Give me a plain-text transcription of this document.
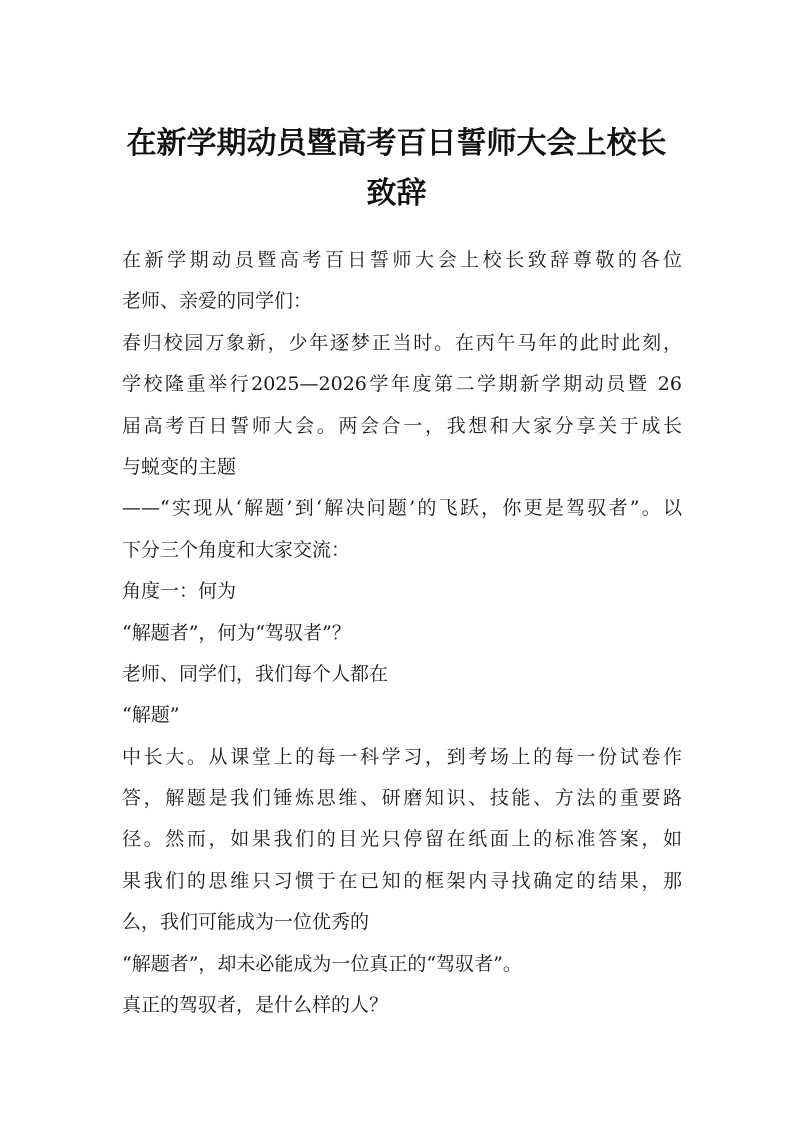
在新学期动员暨高考百日誓师大会上校长
致辞
在新学期动员暨高考百日誓师大会上校长致辞尊敬的各位
老师、亲爱的同学们：
春归校园万象新，少年逐梦正当时。在丙午马年的此时此刻，
学校隆重举行2025—2026学年度第二学期新学期动员暨 26
届高考百日誓师大会。两会合一，我想和大家分享关于成长
与蜕变的主题
——“实现从‘解题’到‘解决问题’的飞跃，你更是驾驭者”。以
下分三个角度和大家交流：
角度一：何为
“解题者”，何为“驾驭者”？
老师、同学们，我们每个人都在
“解题”
中长大。从课堂上的每一科学习，到考场上的每一份试卷作
答，解题是我们锤炼思维、研磨知识、技能、方法的重要路
径。然而，如果我们的目光只停留在纸面上的标准答案，如
果我们的思维只习惯于在已知的框架内寻找确定的结果，那
么，我们可能成为一位优秀的
“解题者”，却未必能成为一位真正的“驾驭者”。
真正的驾驭者，是什么样的人？
